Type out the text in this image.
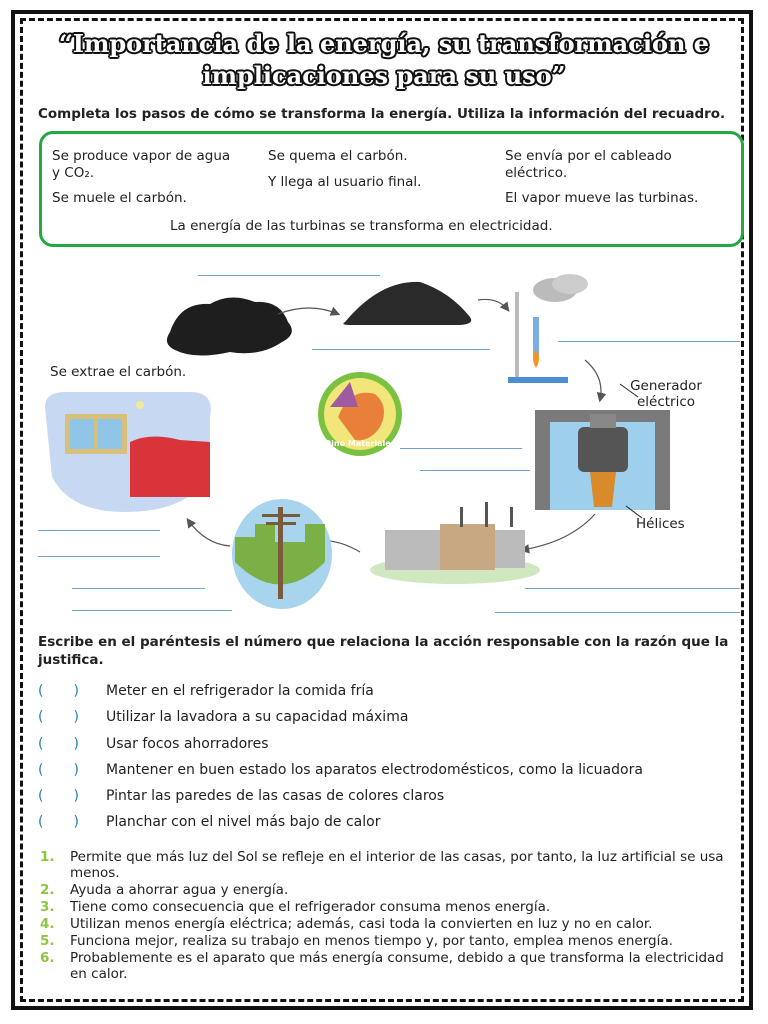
“Importancia de la energía, su transformación e
implicaciones para su uso”
Completa los pasos de cómo se transforma la energía. Utiliza la información del recuadro.
Se produce vapor de agua y CO₂.
Se muele el carbón.
Se quema el carbón.
Y llega al usuario final.
Se envía por el cableado eléctrico.
El vapor mueve las turbinas.
La energía de las turbinas se transforma en electricidad.
Dino Materiales
Se extrae el carbón.
Generador eléctrico
Hélices
Escribe en el paréntesis el número que relaciona la acción responsable con la razón que la justifica.
( ) Meter en el refrigerador la comida fría
( ) Utilizar la lavadora a su capacidad máxima
( ) Usar focos ahorradores
( ) Mantener en buen estado los aparatos electrodomésticos, como la licuadora
( ) Pintar las paredes de las casas de colores claros
( ) Planchar con el nivel más bajo de calor
1. Permite que más luz del Sol se refleje en el interior de las casas, por tanto, la luz artificial se usa menos.
2. Ayuda a ahorrar agua y energía.
3. Tiene como consecuencia que el refrigerador consuma menos energía.
4. Utilizan menos energía eléctrica; además, casi toda la convierten en luz y no en calor.
5. Funciona mejor, realiza su trabajo en menos tiempo y, por tanto, emplea menos energía.
6. Probablemente es el aparato que más energía consume, debido a que transforma la electricidad en calor.
